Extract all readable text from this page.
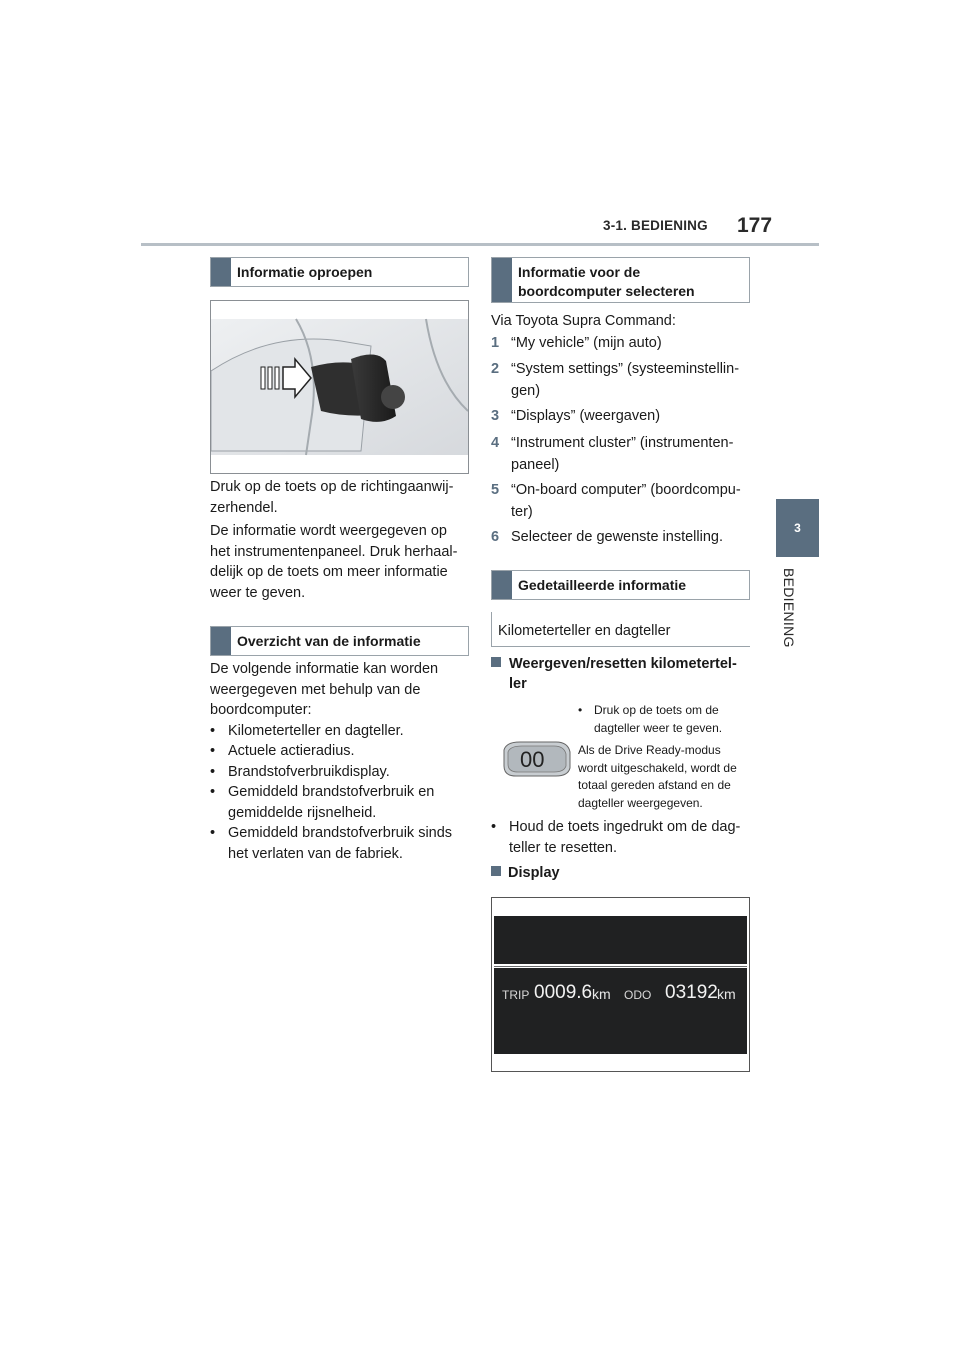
3-1. BEDIENING 177
3
BEDIENING
Informatie oproepen
Druk op de toets op de richtingaanwij- zerhendel.
De informatie wordt weergegeven op het instrumentenpaneel. Druk herhaal- delijk op de toets om meer informatie weer te geven.
Overzicht van de informatie
De volgende informatie kan worden weergegeven met behulp van de boordcomputer:
• Kilometerteller en dagteller.
• Actuele actieradius.
• Brandstofverbruikdisplay.
• Gemiddeld brandstofverbruik en gemiddelde rijsnelheid.
• Gemiddeld brandstofverbruik sinds het verlaten van de fabriek.
Informatie voor de boordcomputer selecteren
Via Toyota Supra Command:
1 “My vehicle” (mijn auto)
2 “System settings” (systeeminstellin- gen)
3 “Displays” (weergaven)
4 “Instrument cluster” (instrumenten- paneel)
5 “On-board computer” (boordcompu- ter)
6 Selecteer de gewenste instelling.
Gedetailleerde informatie
Kilometerteller en dagteller
Weergeven/resetten kilometertel- ler
00
• Druk op de toets om de dagteller weer te geven.
Als de Drive Ready-modus wordt uitgeschakeld, wordt de totaal gereden afstand en de dagteller weergegeven.
• Houd de toets ingedrukt om de dag- teller te resetten.
Display
TRIP 0009.6 km ODO 03192 km
